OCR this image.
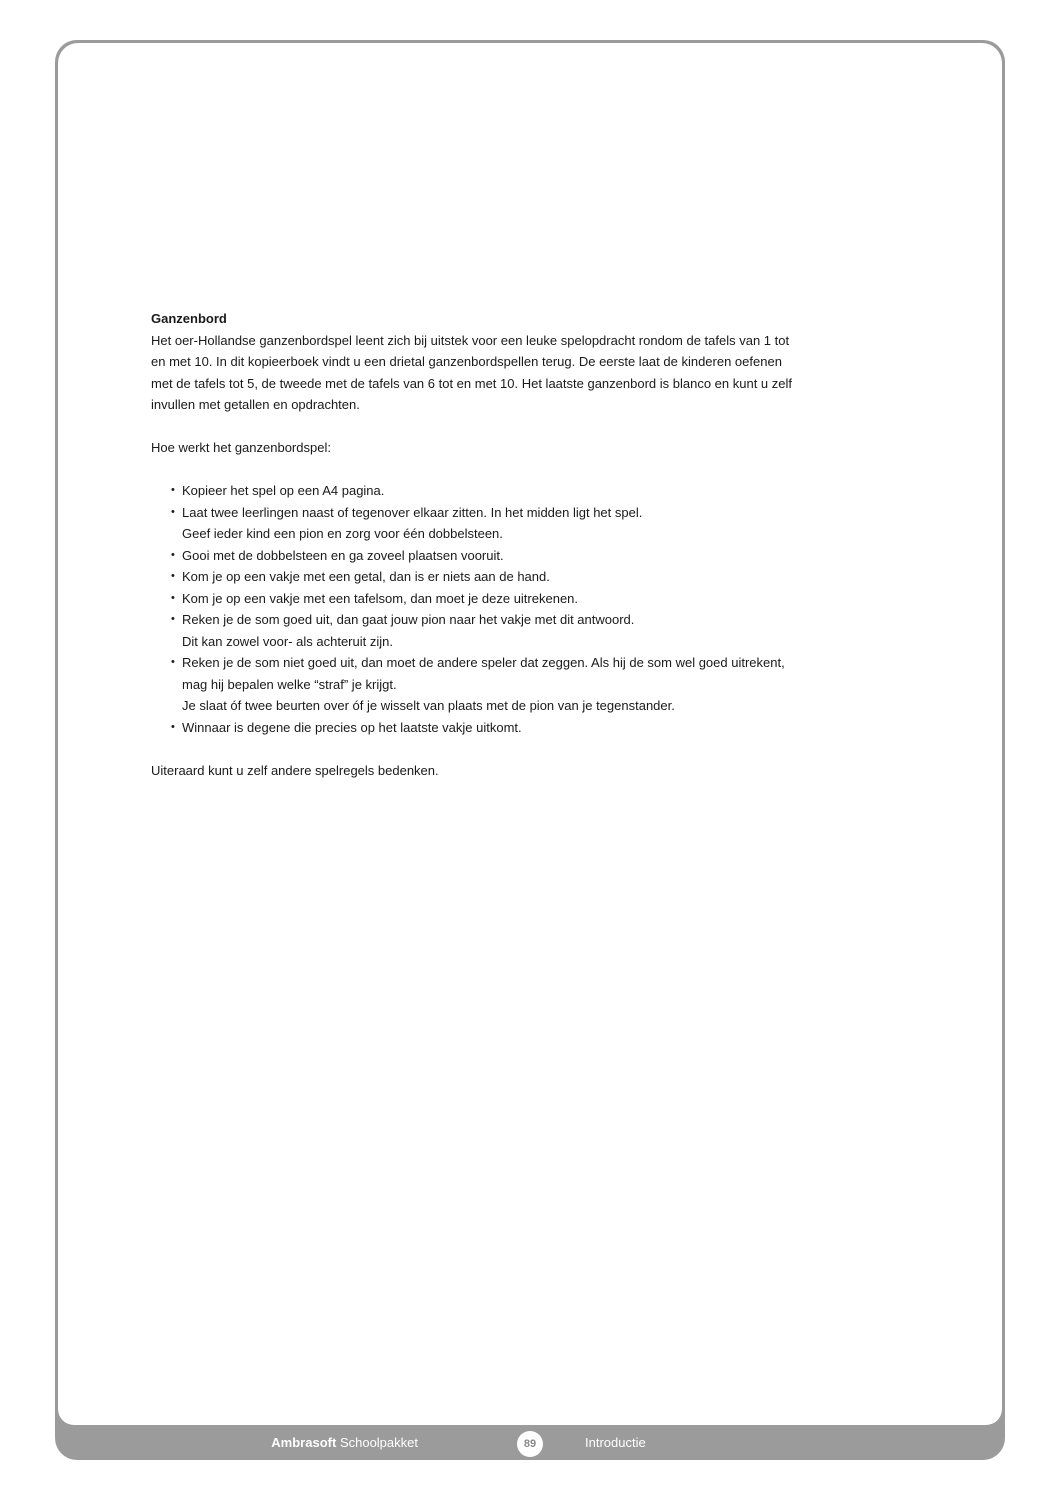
Ganzenbord

Het oer-Hollandse ganzenbordspel leent zich bij uitstek voor een leuke spelopdracht rondom de tafels van 1 tot
en met 10. In dit kopieerboek vindt u een drietal ganzenbordspellen terug. De eerste laat de kinderen oefenen
met de tafels tot 5, de tweede met de tafels van 6 tot en met 10. Het laatste ganzenbord is blanco en kunt u zelf
invullen met getallen en opdrachten.

Hoe werkt het ganzenbordspel:

• Kopieer het spel op een A4 pagina.
• Laat twee leerlingen naast of tegenover elkaar zitten. In het midden ligt het spel.
Geef ieder kind een pion en zorg voor één dobbelsteen.
• Gooi met de dobbelsteen en ga zoveel plaatsen vooruit.
• Kom je op een vakje met een getal, dan is er niets aan de hand.
• Kom je op een vakje met een tafelsom, dan moet je deze uitrekenen.
• Reken je de som goed uit, dan gaat jouw pion naar het vakje met dit antwoord.
Dit kan zowel voor- als achteruit zijn.
• Reken je de som niet goed uit, dan moet de andere speler dat zeggen. Als hij de som wel goed uitrekent,
mag hij bepalen welke “straf” je krijgt.
Je slaat óf twee beurten over óf je wisselt van plaats met de pion van je tegenstander.
• Winnaar is degene die precies op het laatste vakje uitkomt.

Uiteraard kunt u zelf andere spelregels bedenken.

Ambrasoft Schoolpakket	89	Introductie
